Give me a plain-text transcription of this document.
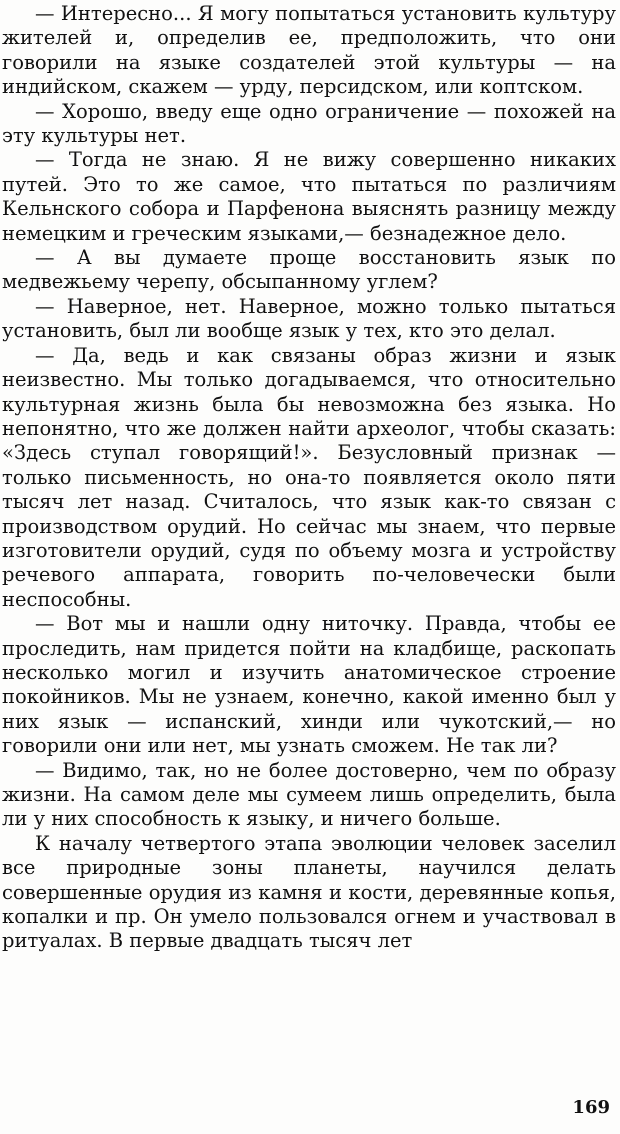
— Интересно... Я могу попытаться установить культуру жителей и, определив ее, предположить, что они говорили на языке создателей этой культуры — на индийском, скажем — урду, персидском, или коптском.

— Хорошо, введу еще одно ограничение — похожей на эту культуры нет.

— Тогда не знаю. Я не вижу совершенно никаких путей. Это то же самое, что пытаться по различиям Кельнского собора и Парфенона выяснять разницу между немецким и греческим языками,— безнадежное дело.

— А вы думаете проще восстановить язык по медвежьему черепу, обсыпанному углем?

— Наверное, нет. Наверное, можно только пытаться установить, был ли вообще язык у тех, кто это делал.

— Да, ведь и как связаны образ жизни и язык неизвестно. Мы только догадываемся, что относительно культурная жизнь была бы невозможна без языка. Но непонятно, что же должен найти археолог, чтобы сказать: «Здесь ступал говорящий!». Безусловный признак — только письменность, но она-то появляется около пяти тысяч лет назад. Считалось, что язык как-то связан с производством орудий. Но сейчас мы знаем, что первые изготовители орудий, судя по объему мозга и устройству речевого аппарата, говорить по-человечески были неспособны.

— Вот мы и нашли одну ниточку. Правда, чтобы ее проследить, нам придется пойти на кладбище, раскопать несколько могил и изучить анатомическое строение покойников. Мы не узнаем, конечно, какой именно был у них язык — испанский, хинди или чукотский,— но говорили они или нет, мы узнать сможем. Не так ли?

— Видимо, так, но не более достоверно, чем по образу жизни. На самом деле мы сумеем лишь определить, была ли у них способность к языку, и ничего больше.

К началу четвертого этапа эволюции человек заселил все природные зоны планеты, научился делать совершенные орудия из камня и кости, деревянные копья, копалки и пр. Он умело пользовался огнем и участвовал в ритуалах. В первые двадцать тысяч лет

169
